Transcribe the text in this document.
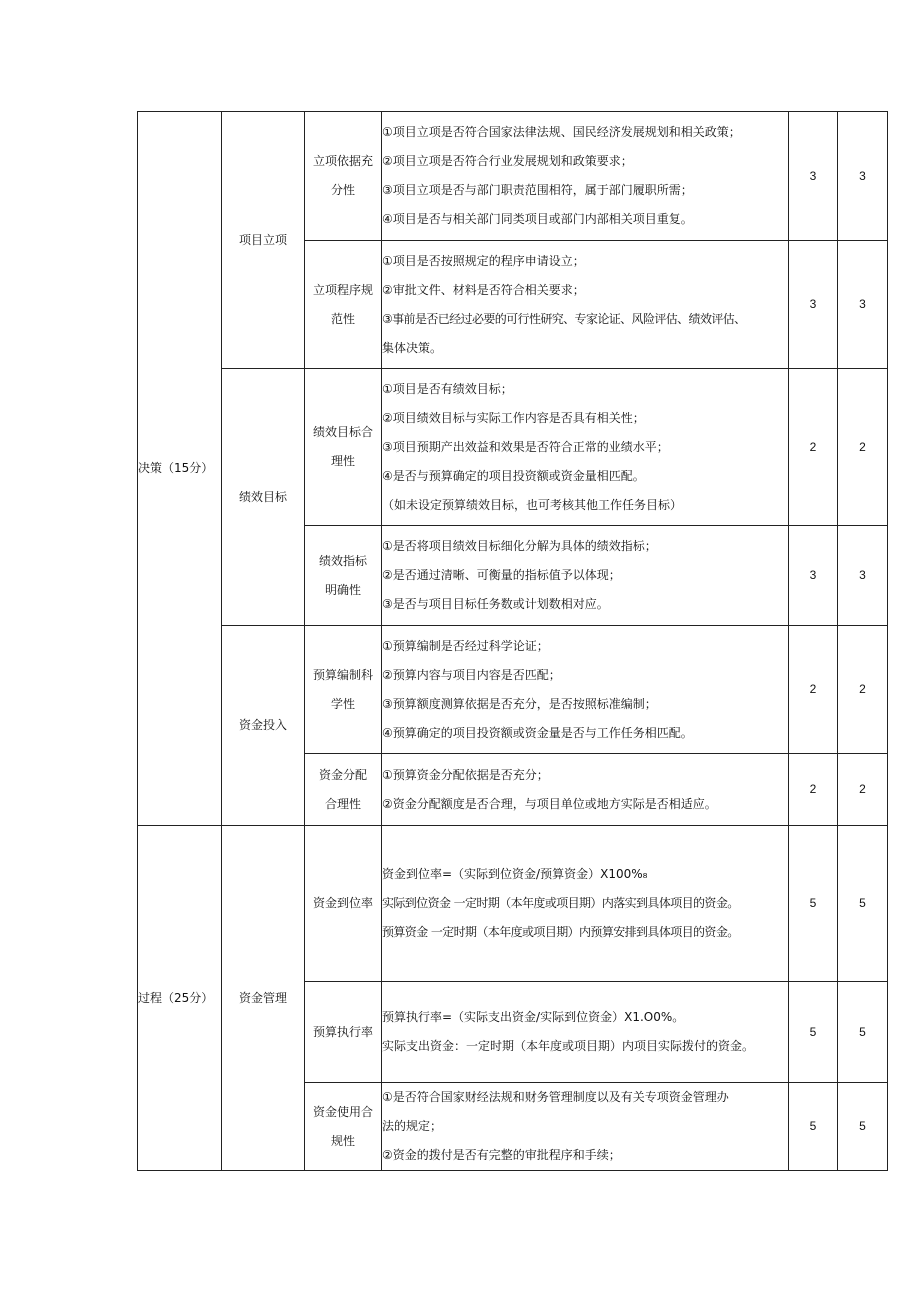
决策（15分）	项目立项	立项依据充
分性	①项目立项是否符合国家法律法规、国民经济发展规划和相关政策；
②项目立项是否符合行业发展规划和政策要求；
③项目立项是否与部门职责范围相符，属于部门履职所需；
④项目是否与相关部门同类项目或部门内部相关项目重复。	3	3

		立项程序规
范性	①项目是否按照规定的程序申请设立；
②审批文件、材料是否符合相关要求；
③事前是否已经过必要的可行性研究、专家论证、风险评估、绩效评估、
集体决策。	3	3
	绩效目标	绩效目标合
理性	①项目是否有绩效目标；
②项目绩效目标与实际工作内容是否具有相关性；
③项目预期产出效益和效果是否符合正常的业绩水平；
④是否与预算确定的项目投资额或资金量相匹配。
（如未设定预算绩效目标，也可考核其他工作任务目标）	2	2

		绩效指标
明确性	①是否将项目绩效目标细化分解为具体的绩效指标；
②是否通过清晰、可衡量的指标值予以体现；
③是否与项目目标任务数或计划数相对应。	3	3
	资金投入	预算编制科
学性	①预算编制是否经过科学论证；
②预算内容与项目内容是否匹配；
③预算额度测算依据是否充分，是否按照标准编制；
④预算确定的项目投资额或资金量是否与工作任务相匹配。	2	2

		资金分配
合理性	①预算资金分配依据是否充分；
②资金分配额度是否合理，与项目单位或地方实际是否相适应。	2	2
过程（25分）	资金管理	资金到位率	资金到位率=（实际到位资金/预算资金）X100%₈
实际到位资金 一定时期（本年度或项目期）内落实到具体项目的资金。
预算资金 一定时期（本年度或项目期）内预算安排到具体项目的资金。	5	5

		预算执行率	预算执行率=（实际支出资金/实际到位资金）X1.O0%。
实际支出资金：一定时期（本年度或项目期）内项目实际拨付的资金。	5	5

		资金使用合
规性	①是否符合国家财经法规和财务管理制度以及有关专项资金管理办
法的规定；
②资金的拨付是否有完整的审批程序和手续；	5	5
